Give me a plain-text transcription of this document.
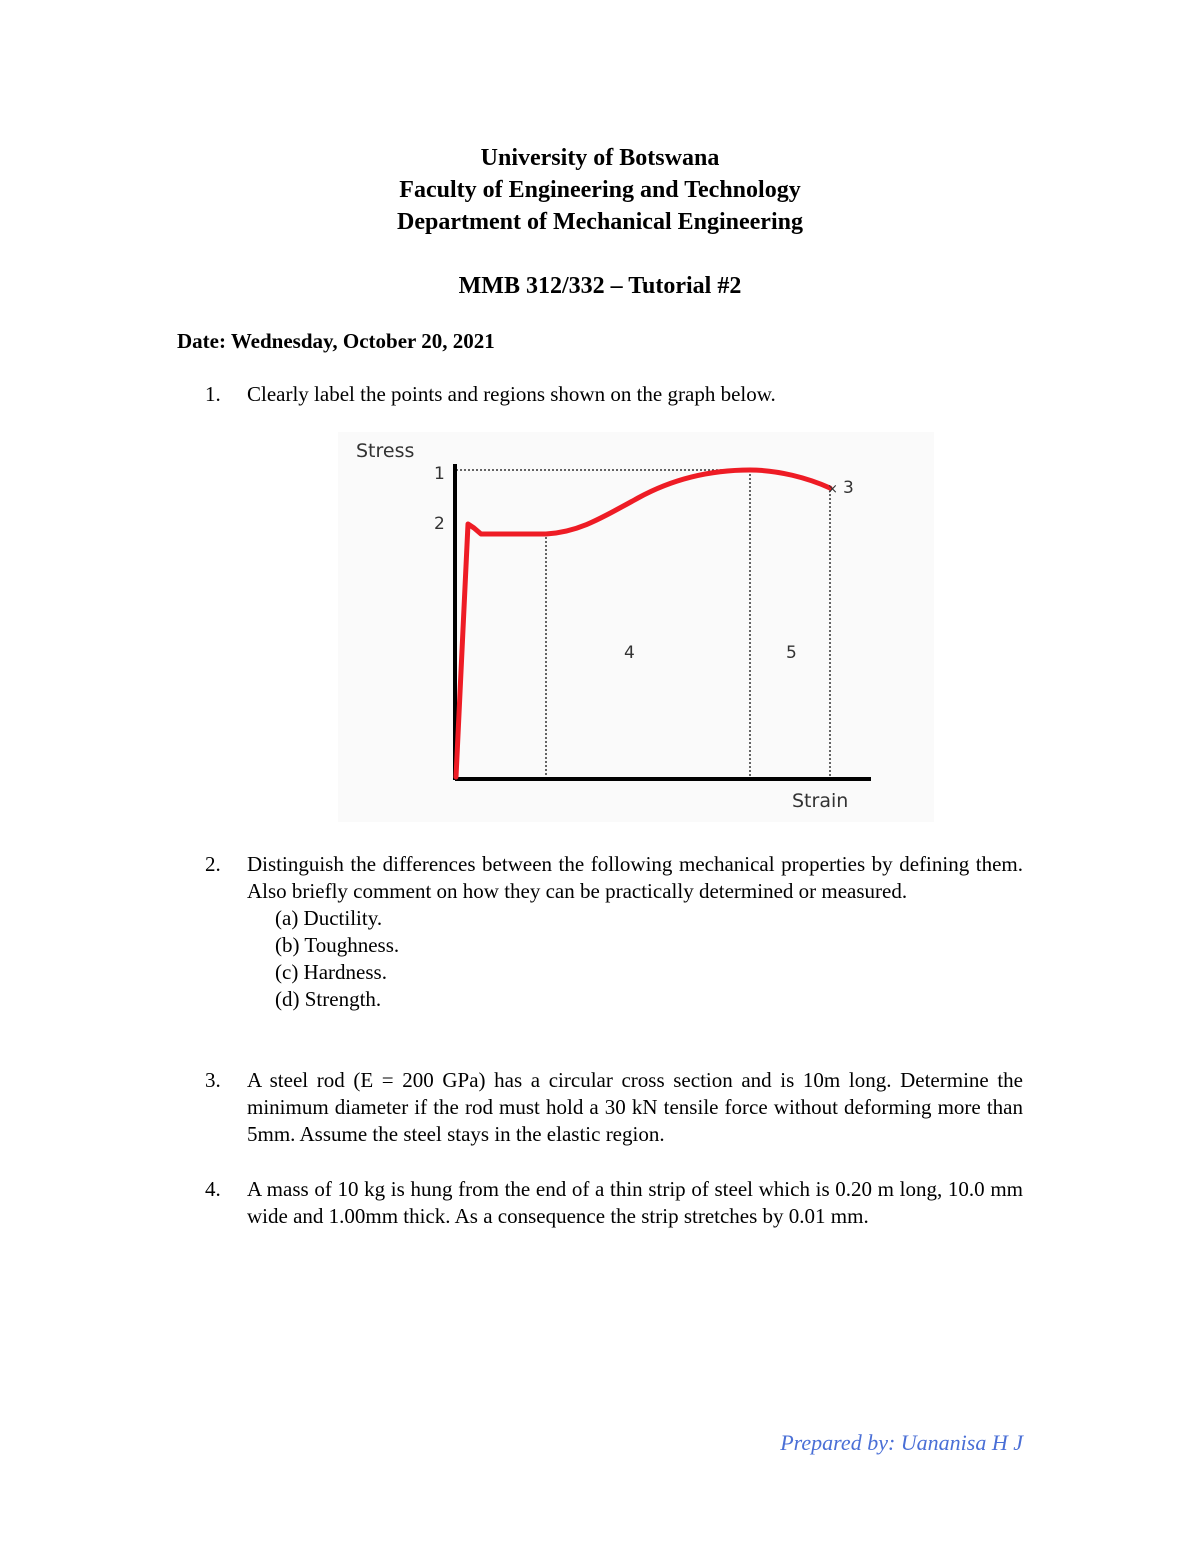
University of Botswana
Faculty of Engineering and Technology
Department of Mechanical Engineering
MMB 312/332 – Tutorial #2
Date: Wednesday, October 20, 2021
1. Clearly label the points and regions shown on the graph below.
×
Stress
Strain
1
2
3
4	5
2. Distinguish the differences between the following mechanical properties by defining them. Also briefly comment on how they can be practically determined or measured.
(a) Ductility.
(b) Toughness.
(c) Hardness.
(d) Strength.
3. A steel rod (E = 200 GPa) has a circular cross section and is 10m long. Determine the minimum diameter if the rod must hold a 30 kN tensile force without deforming more than 5mm. Assume the steel stays in the elastic region.
4. A mass of 10 kg is hung from the end of a thin strip of steel which is 0.20 m long, 10.0 mm wide and 1.00mm thick. As a consequence the strip stretches by 0.01 mm.
Prepared by: Uananisa H J
